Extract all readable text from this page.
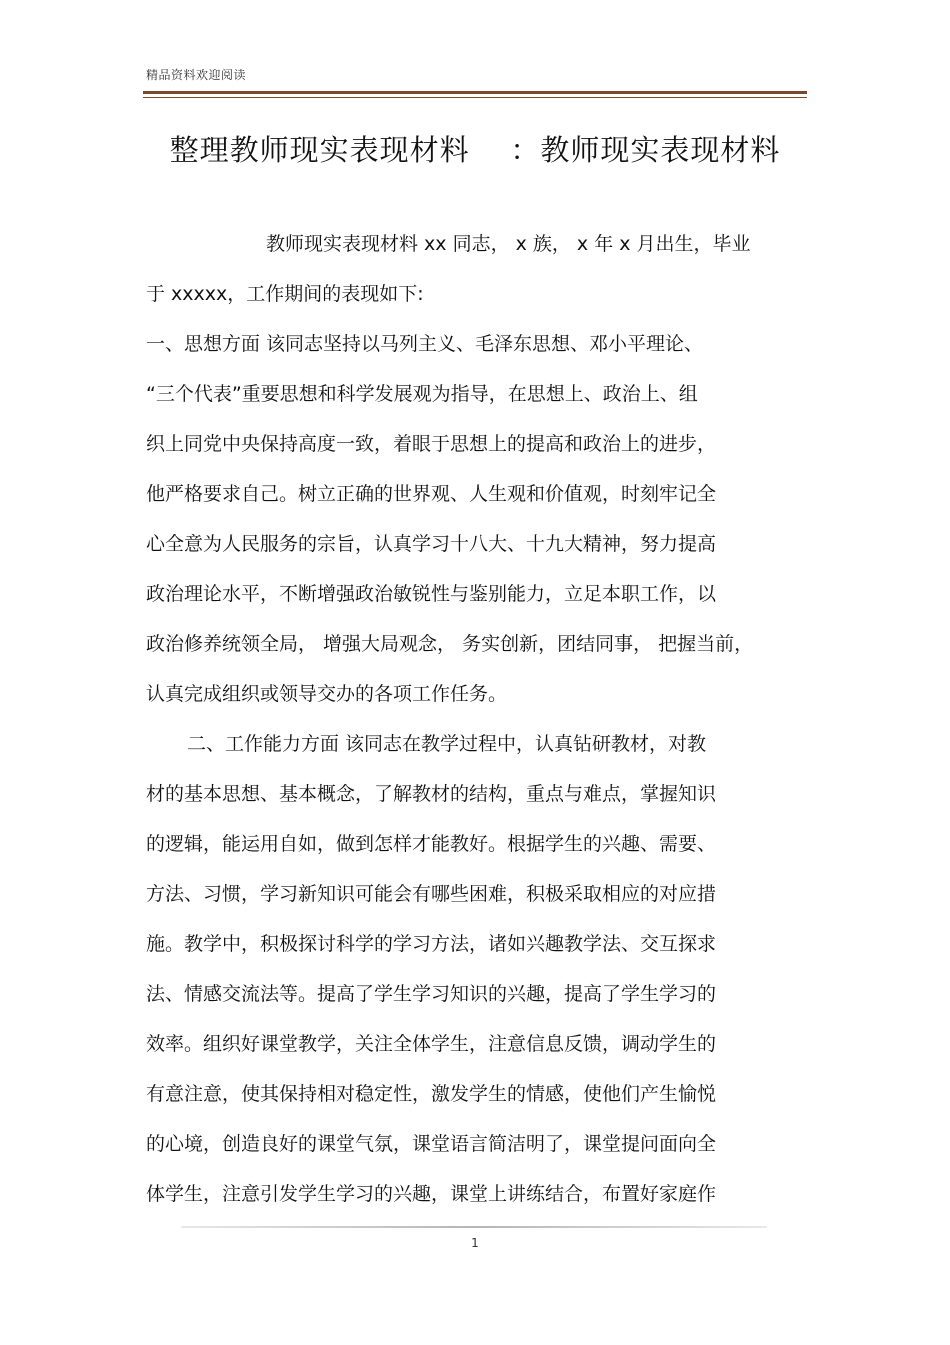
精品资料欢迎阅读
整理教师现实表现材料    ：教师现实表现材料
教师现实表现材料 xx 同志， x 族， x 年 x 月出生，毕业
于 xxxxx，工作期间的表现如下:
一、思想方面 该同志坚持以马列主义、毛泽东思想、邓小平理论、
“三个代表”重要思想和科学发展观为指导，在思想上、政治上、组
织上同党中央保持高度一致，着眼于思想上的提高和政治上的进步，
他严格要求自己。树立正确的世界观、人生观和价值观，时刻牢记全
心全意为人民服务的宗旨，认真学习十八大、十九大精神，努力提高
政治理论水平，不断增强政治敏锐性与鉴别能力，立足本职工作，以
政治修养统领全局， 增强大局观念， 务实创新，团结同事， 把握当前，
认真完成组织或领导交办的各项工作任务。
二、工作能力方面 该同志在教学过程中，认真钻研教材，对教
材的基本思想、基本概念，了解教材的结构，重点与难点，掌握知识
的逻辑，能运用自如，做到怎样才能教好。根据学生的兴趣、需要、
方法、习惯，学习新知识可能会有哪些困难，积极采取相应的对应措
施。教学中，积极探讨科学的学习方法，诸如兴趣教学法、交互探求
法、情感交流法等。提高了学生学习知识的兴趣，提高了学生学习的
效率。组织好课堂教学，关注全体学生，注意信息反馈，调动学生的
有意注意，使其保持相对稳定性，激发学生的情感，使他们产生愉悦
的心境，创造良好的课堂气氛，课堂语言简洁明了，课堂提问面向全
体学生，注意引发学生学习的兴趣，课堂上讲练结合，布置好家庭作
1
